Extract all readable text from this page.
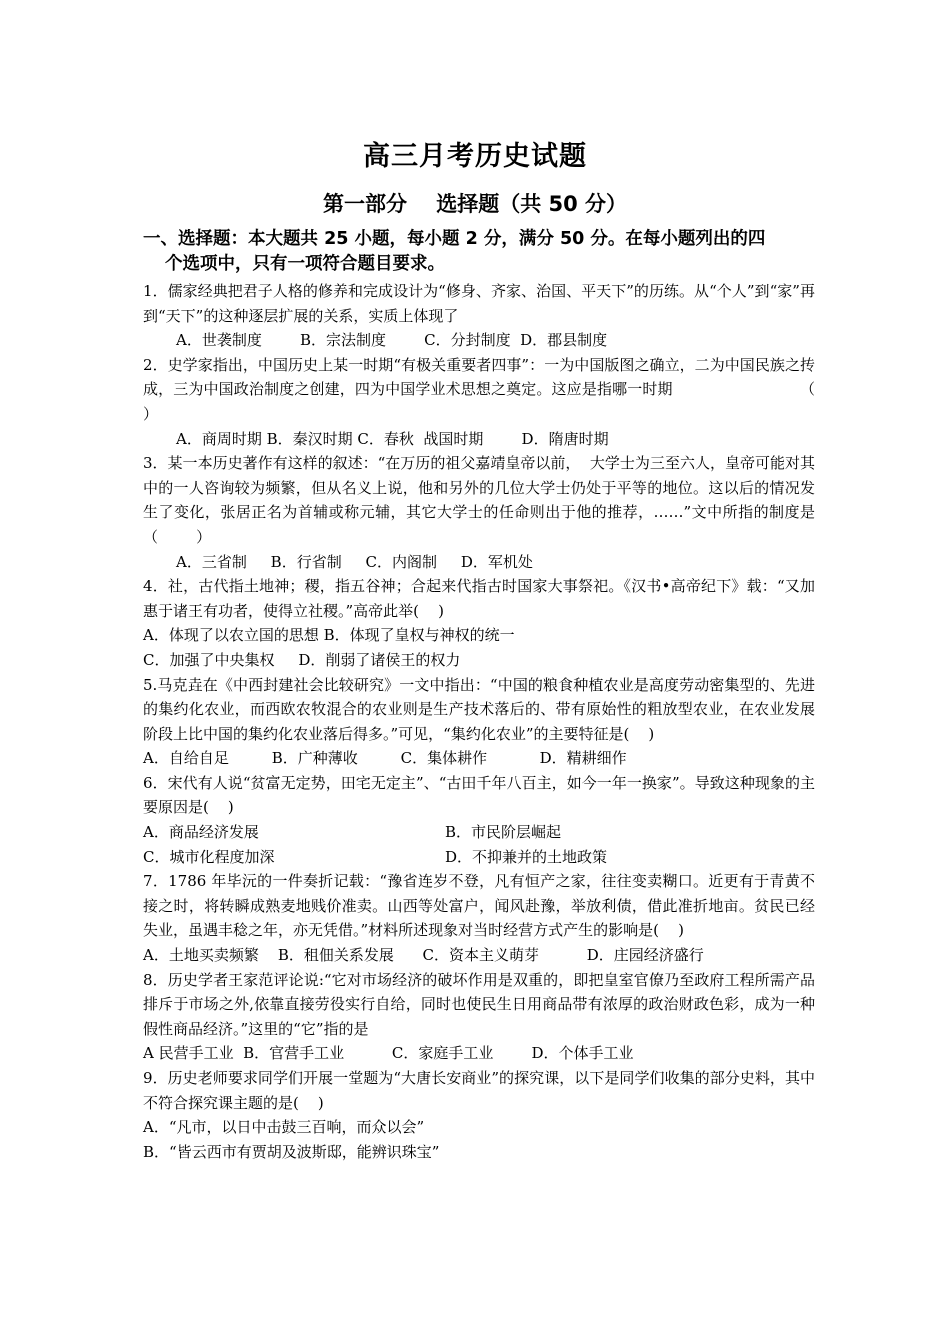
高三月考历史试题
第一部分    选择题（共 50 分）
一、选择题：本大题共 25 小题，每小题 2 分，满分 50 分。在每小题列出的四
个选项中，只有一项符合题目要求。
1．儒家经典把君子人格的修养和完成设计为“修身、齐家、治国、平天下”的历练。从“个人”到“家”再到“天下”的这种逐层扩展的关系，实质上体现了
A．世袭制度        B．宗法制度        C．分封制度  D．郡县制度
2．史学家指出，中国历史上某一时期“有极关重要者四事”：一为中国版图之确立，二为中国民族之抟成，三为中国政治制度之创建，四为中国学业术思想之奠定。这应是指哪一时期                          （        ）
A．商周时期 B．秦汉时期 C．春秋  战国时期        D．隋唐时期
3．某一本历史著作有这样的叙述：“在万历的祖父嘉靖皇帝以前，  大学士为三至六人，皇帝可能对其中的一人咨询较为频繁，但从名义上说，他和另外的几位大学士仍处于平等的地位。这以后的情况发生了变化，张居正名为首辅或称元辅，其它大学士的任命则出于他的推荐，……”文中所指的制度是                        （        ）
A．三省制     B．行省制     C．内阁制     D．军机处
4．社，古代指土地神；稷，指五谷神；合起来代指古时国家大事祭祀。《汉书•高帝纪下》载：“又加惠于诸王有功者，使得立社稷。”高帝此举(    )
A．体现了以农立国的思想 B．体现了皇权与神权的统一
C．加强了中央集权     D．削弱了诸侯王的权力
5.马克垚在《中西封建社会比较研究》一文中指出：“中国的粮食种植农业是高度劳动密集型的、先进的集约化农业，而西欧农牧混合的农业则是生产技术落后的、带有原始性的粗放型农业，在农业发展阶段上比中国的集约化农业落后得多。”可见，“集约化农业”的主要特征是(    )
A．自给自足         B．广种薄收         C．集体耕作           D．精耕细作
6．宋代有人说“贫富无定势，田宅无定主”、“古田千年八百主，如今一年一换家”。导致这种现象的主要原因是(    )
A．商品经济发展	B．市民阶层崛起
C．城市化程度加深	D．不抑兼并的土地政策
7．1786 年毕沅的一件奏折记载：“豫省连岁不登，凡有恒产之家，往往变卖糊口。近更有于青黄不接之时，将转瞬成熟麦地贱价准卖。山西等处富户，闻风赴豫，举放利债，借此准折地亩。贫民已经失业，虽遇丰稔之年，亦无凭借。”材料所述现象对当时经营方式产生的影响是(    )
A．土地买卖频繁    B．租佃关系发展      C．资本主义萌芽          D．庄园经济盛行
8．历史学者王家范评论说:“它对市场经济的破坏作用是双重的，即把皇室官僚乃至政府工程所需产品排斥于市场之外,依靠直接劳役实行自给，同时也使民生日用商品带有浓厚的政治财政色彩，成为一种假性商品经济。”这里的“它”指的是
A 民营手工业  B．官营手工业          C．家庭手工业        D．个体手工业
9．历史老师要求同学们开展一堂题为“大唐长安商业”的探究课，以下是同学们收集的部分史料，其中不符合探究课主题的是(    )
A．“凡市，以日中击鼓三百响，而众以会”
B．“皆云西市有贾胡及波斯邸，能辨识珠宝”
